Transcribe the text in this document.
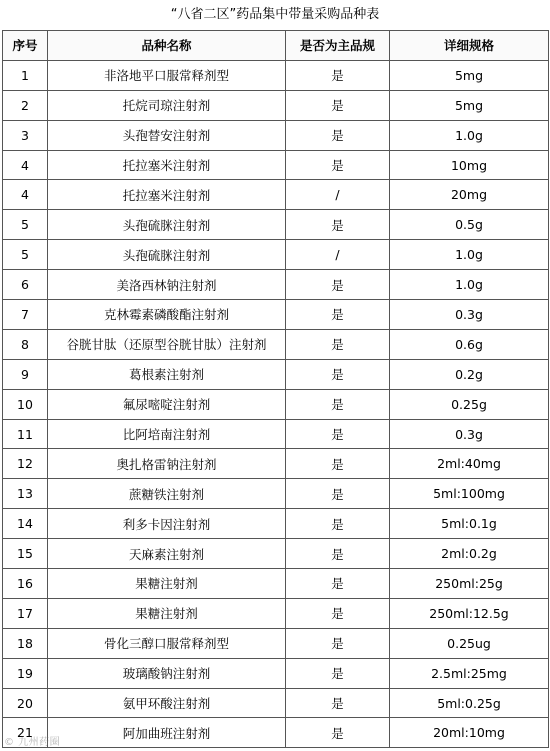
“八省二区”药品集中带量采购品种表
序号	品种名称	是否为主品规	详细规格
1	非洛地平口服常释剂型	是	5mg
2	托烷司琼注射剂	是	5mg
3	头孢替安注射剂	是	1.0g
4	托拉塞米注射剂	是	10mg
4	托拉塞米注射剂	/	20mg
5	头孢硫脒注射剂	是	0.5g
5	头孢硫脒注射剂	/	1.0g
6	美洛西林钠注射剂	是	1.0g
7	克林霉素磷酸酯注射剂	是	0.3g
8	谷胱甘肽（还原型谷胱甘肽）注射剂	是	0.6g
9	葛根素注射剂	是	0.2g
10	氟尿嘧啶注射剂	是	0.25g
11	比阿培南注射剂	是	0.3g
12	奥扎格雷钠注射剂	是	2ml:40mg
13	蔗糖铁注射剂	是	5ml:100mg
14	利多卡因注射剂	是	5ml:0.1g
15	天麻素注射剂	是	2ml:0.2g
16	果糖注射剂	是	250ml:25g
17	果糖注射剂	是	250ml:12.5g
18	骨化三醇口服常释剂型	是	0.25ug
19	玻璃酸钠注射剂	是	2.5ml:25mg
20	氨甲环酸注射剂	是	5ml:0.25g
21	阿加曲班注射剂	是	20ml:10mg
© 九州药圈
